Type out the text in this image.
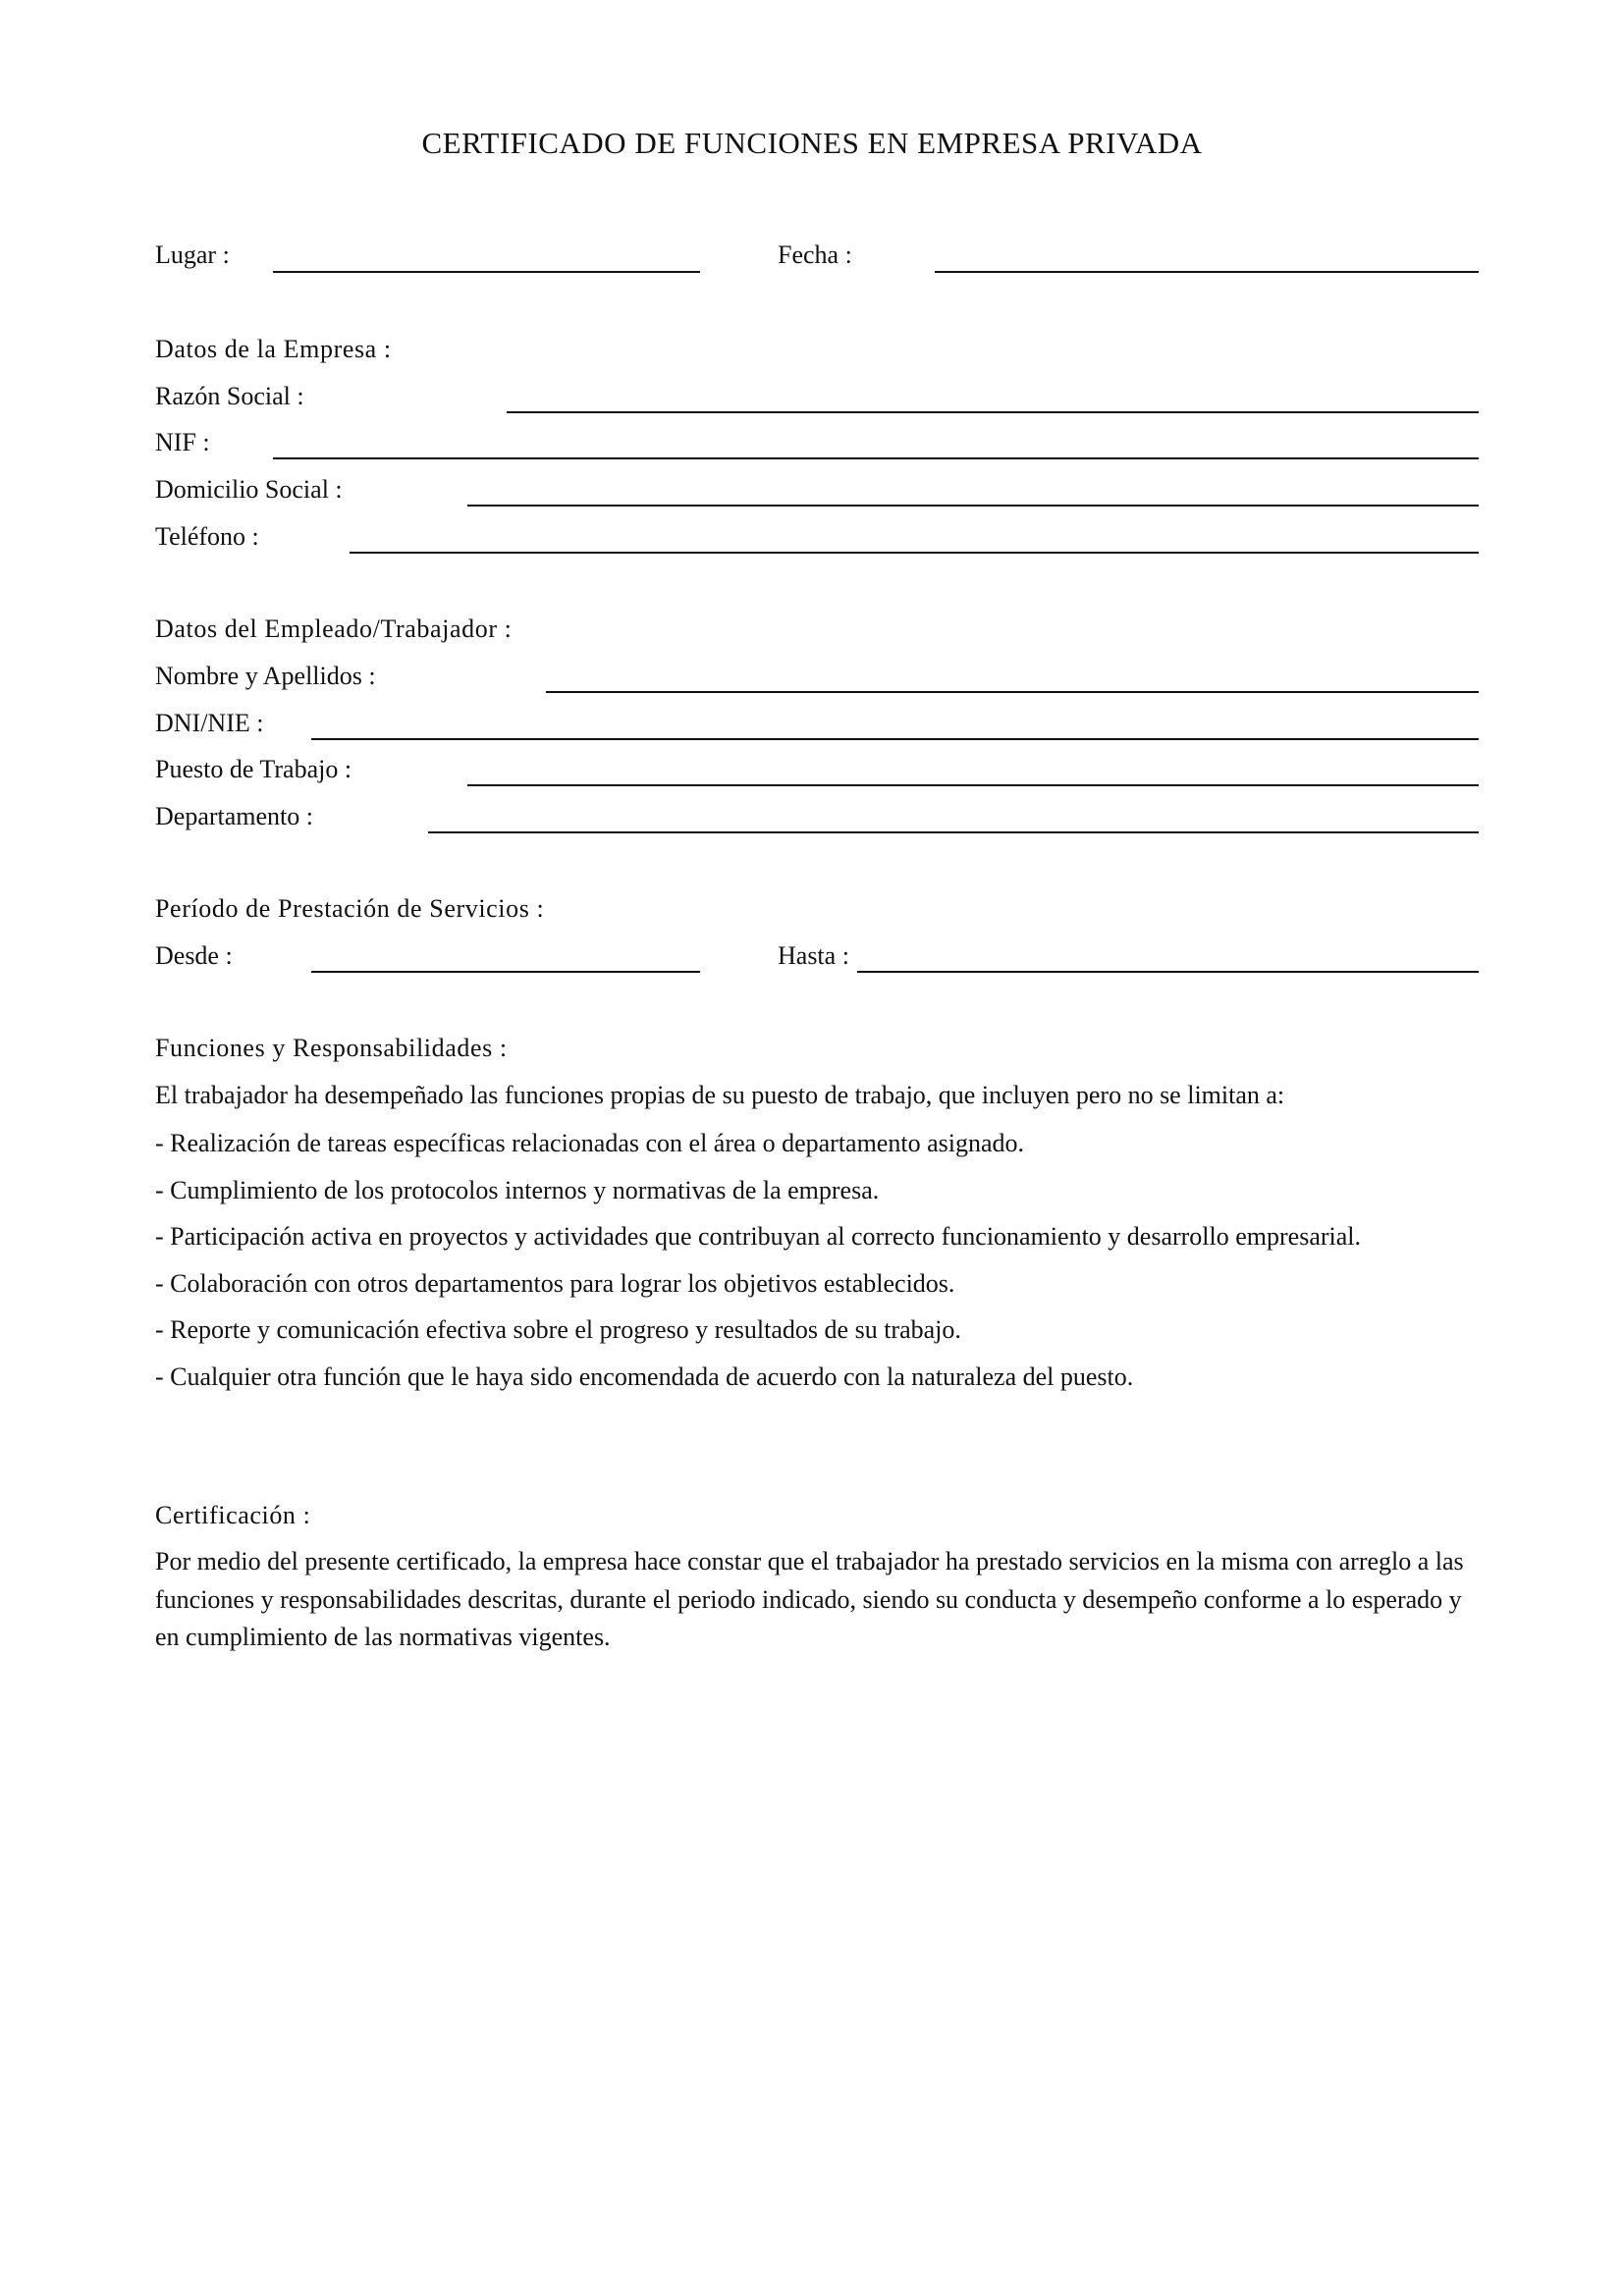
CERTIFICADO DE FUNCIONES EN EMPRESA PRIVADA
Lugar :	Fecha :
Datos de la Empresa :
Razón Social :
NIF :
Domicilio Social :
Teléfono :
Datos del Empleado/Trabajador :
Nombre y Apellidos :
DNI/NIE :
Puesto de Trabajo :
Departamento :
Período de Prestación de Servicios :
Desde :	Hasta :
Funciones y Responsabilidades :
El trabajador ha desempeñado las funciones propias de su puesto de trabajo, que incluyen pero no se limitan a:
- Realización de tareas específicas relacionadas con el área o departamento asignado.
- Cumplimiento de los protocolos internos y normativas de la empresa.
- Participación activa en proyectos y actividades que contribuyan al correcto funcionamiento y desarrollo empresarial.
- Colaboración con otros departamentos para lograr los objetivos establecidos.
- Reporte y comunicación efectiva sobre el progreso y resultados de su trabajo.
- Cualquier otra función que le haya sido encomendada de acuerdo con la naturaleza del puesto.
Certificación :
Por medio del presente certificado, la empresa hace constar que el trabajador ha prestado servicios en la misma con arreglo a las funciones y responsabilidades descritas, durante el periodo indicado, siendo su conducta y desempeño conforme a lo esperado y en cumplimiento de las normativas vigentes.
